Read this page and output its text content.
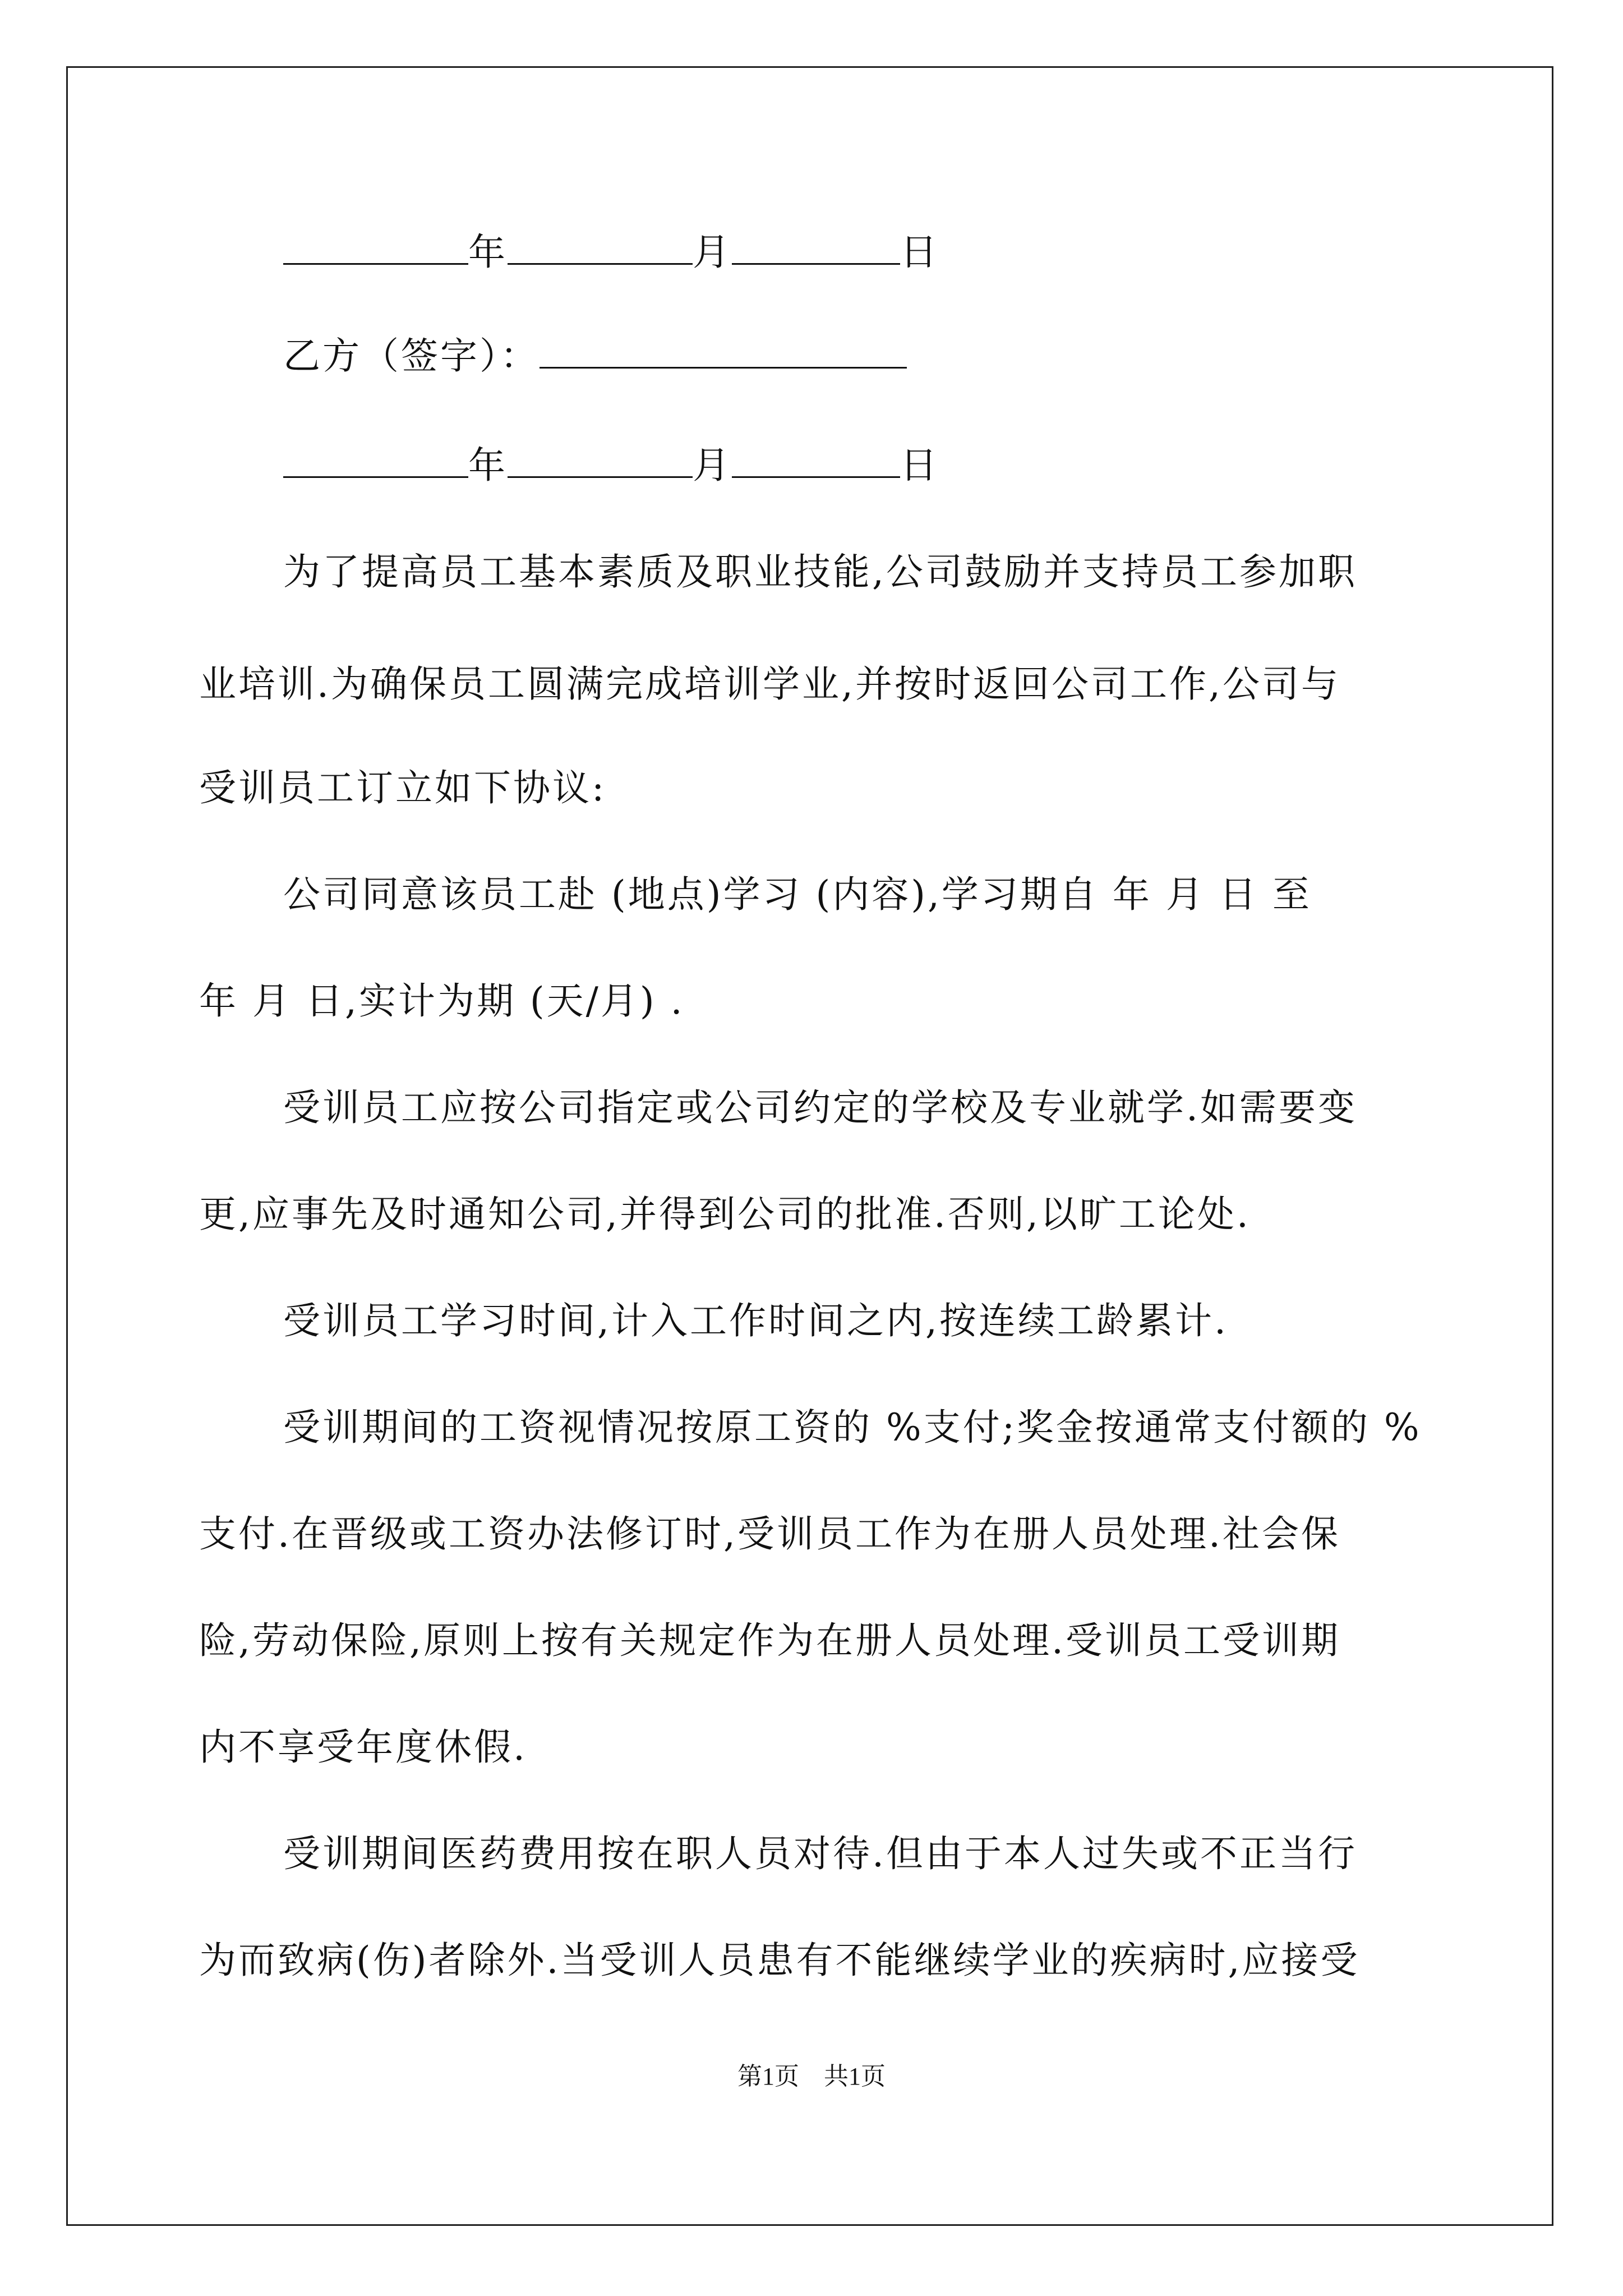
年	月	日
乙方（签字）：
年	月	日
为了提高员工基本素质及职业技能,公司鼓励并支持员工参加职
业培训.为确保员工圆满完成培训学业,并按时返回公司工作,公司与
受训员工订立如下协议:
公司同意该员工赴 (地点)学习 (内容),学习期自 年 月 日 至
年 月 日,实计为期 (天/月) .
受训员工应按公司指定或公司约定的学校及专业就学.如需要变
更,应事先及时通知公司,并得到公司的批准.否则,以旷工论处.
受训员工学习时间,计入工作时间之内,按连续工龄累计.
受训期间的工资视情况按原工资的 %支付;奖金按通常支付额的 %
支付.在晋级或工资办法修订时,受训员工作为在册人员处理.社会保
险,劳动保险,原则上按有关规定作为在册人员处理.受训员工受训期
内不享受年度休假.
受训期间医药费用按在职人员对待.但由于本人过失或不正当行
为而致病(伤)者除外.当受训人员患有不能继续学业的疾病时,应接受
第1页　共1页
